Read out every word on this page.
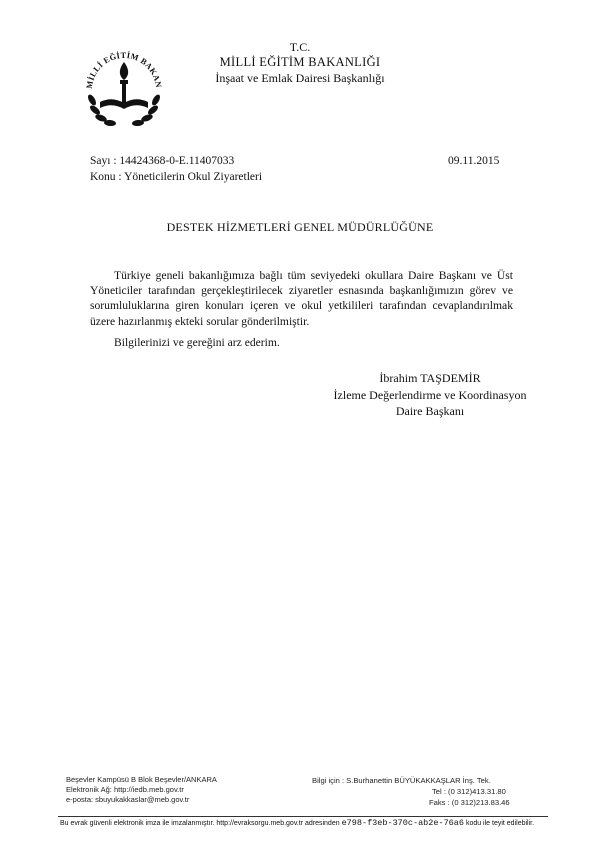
MİLLİ EĞİTİM BAKAN
T.C.
MİLLİ EĞİTİM BAKANLIĞI
İnşaat ve Emlak Dairesi Başkanlığı
Sayı : 14424368-0-E.11407033
Konu : Yöneticilerin Okul Ziyaretleri
09.11.2015
DESTEK HİZMETLERİ GENEL MÜDÜRLÜĞÜNE
Türkiye geneli bakanlığımıza bağlı tüm seviyedeki okullara Daire Başkanı ve Üst Yöneticiler tarafından gerçekleştirilecek ziyaretler esnasında başkanlığımızın görev ve sorumluluklarına giren konuları içeren ve okul yetkilileri tarafından cevaplandırılmak üzere hazırlanmış ekteki sorular gönderilmiştir.
Bilgilerinizi ve gereğini arz ederim.
İbrahim TAŞDEMİR
İzleme Değerlendirme ve Koordinasyon
Daire Başkanı
Beşevler Kampüsü B Blok Beşevler/ANKARA
Elektronik Ağ: http://iedb.meb.gov.tr
e-posta: sbuyukakkaslar@meb.gov.tr
Bilgi için : S.Burhanettin BÜYÜKAKKAŞLAR İnş. Tek.
Tel : (0 312)413.31.80
Faks : (0 312)213.83.46
Bu evrak güvenli elektronik imza ile imzalanmıştır. http://evraksorgu.meb.gov.tr adresinden e798-f3eb-370c-ab2e-76a6 kodu ile teyit edilebilir.
